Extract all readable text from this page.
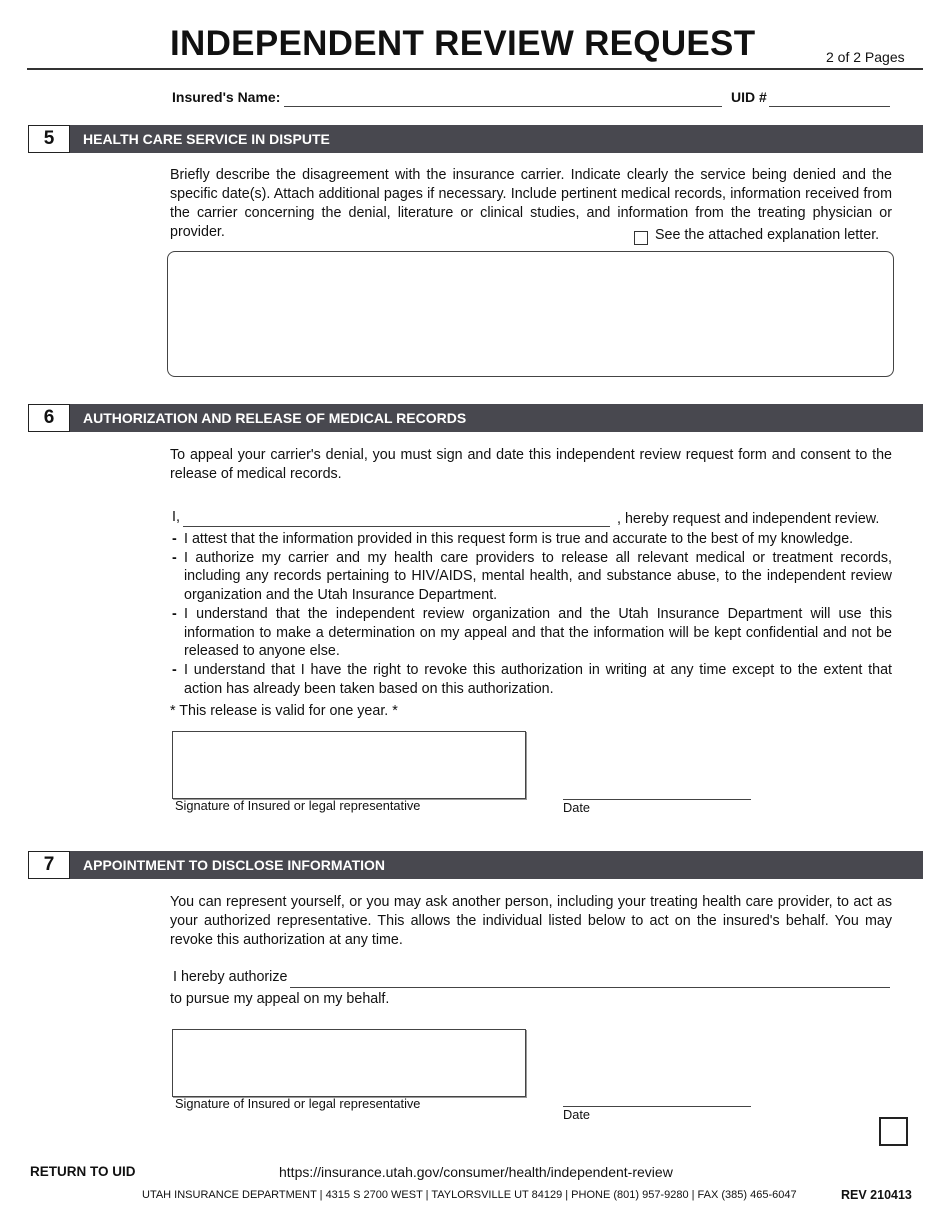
INDEPENDENT REVIEW REQUEST	2 of 2 Pages
Insured's Name:	UID #
5	HEALTH CARE SERVICE IN DISPUTE
Briefly describe the disagreement with the insurance carrier. Indicate clearly the service being denied and the specific date(s). Attach additional pages if necessary. Include pertinent medical records, information received from the carrier concerning the denial, literature or clinical studies, and information from the treating physician or provider.	See the attached explanation letter.
6	AUTHORIZATION AND RELEASE OF MEDICAL RECORDS
To appeal your carrier's denial, you must sign and date this independent review request form and consent to the release of medical records.
I,	, hereby request and independent review.
- I attest that the information provided in this request form is true and accurate to the best of my knowledge.
- I authorize my carrier and my health care providers to release all relevant medical or treatment records, including any records pertaining to HIV/AIDS, mental health, and substance abuse, to the independent review organization and the Utah Insurance Department.
- I understand that the independent review organization and the Utah Insurance Department will use this information to make a determination on my appeal and that the information will be kept confidential and not be released to anyone else.
- I understand that I have the right to revoke this authorization in writing at any time except to the extent that action has already been taken based on this authorization.
* This release is valid for one year. *
Signature of Insured or legal representative	Date
7	APPOINTMENT TO DISCLOSE INFORMATION
You can represent yourself, or you may ask another person, including your treating health care provider, to act as your authorized representative. This allows the individual listed below to act on the insured's behalf. You may revoke this authorization at any time.
I hereby authorize
to pursue my appeal on my behalf.
Signature of Insured or legal representative
Date
RETURN TO UID	https://insurance.utah.gov/consumer/health/independent-review
UTAH INSURANCE DEPARTMENT | 4315 S 2700 WEST | TAYLORSVILLE UT 84129 | PHONE (801) 957-9280 | FAX (385) 465-6047	REV 210413
